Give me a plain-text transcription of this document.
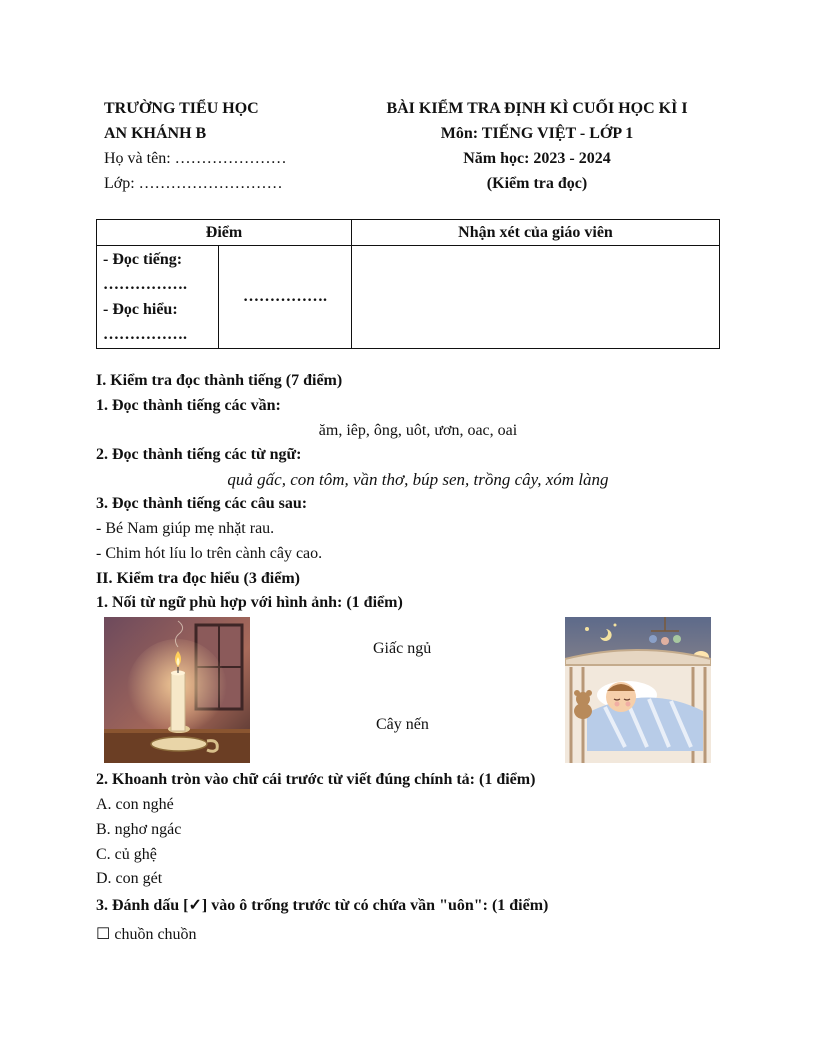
TRƯỜNG TIỂU HỌC
AN KHÁNH B
Họ và tên: …………………
Lớp: ………………………
BÀI KIỂM TRA ĐỊNH KÌ CUỐI HỌC KÌ I
Môn: TIẾNG VIỆT - LỚP 1
Năm học: 2023 - 2024
(Kiểm tra đọc)
Điểm		Nhận xét của giáo viên

- Đọc tiếng:
…………….
- Đọc hiểu:
…………….	…………….	
I. Kiểm tra đọc thành tiếng (7 điểm)
1. Đọc thành tiếng các vần:
ăm, iêp, ông, uôt, ươn, oac, oai
2. Đọc thành tiếng các từ ngữ:
quả gấc, con tôm, vần thơ, búp sen, trồng cây, xóm làng
3. Đọc thành tiếng các câu sau:
- Bé Nam giúp mẹ nhặt rau.
- Chim hót líu lo trên cành cây cao.
II. Kiểm tra đọc hiểu (3 điểm)
1. Nối từ ngữ phù hợp với hình ảnh: (1 điểm)
Giấc ngủ
Cây nến
2. Khoanh tròn vào chữ cái trước từ viết đúng chính tả: (1 điểm)
A. con nghé
B. nghơ ngác
C. củ ghệ
D. con gét
3. Đánh dấu [✓] vào ô trống trước từ có chứa vần "uôn": (1 điểm)
☐ chuồn chuồn
